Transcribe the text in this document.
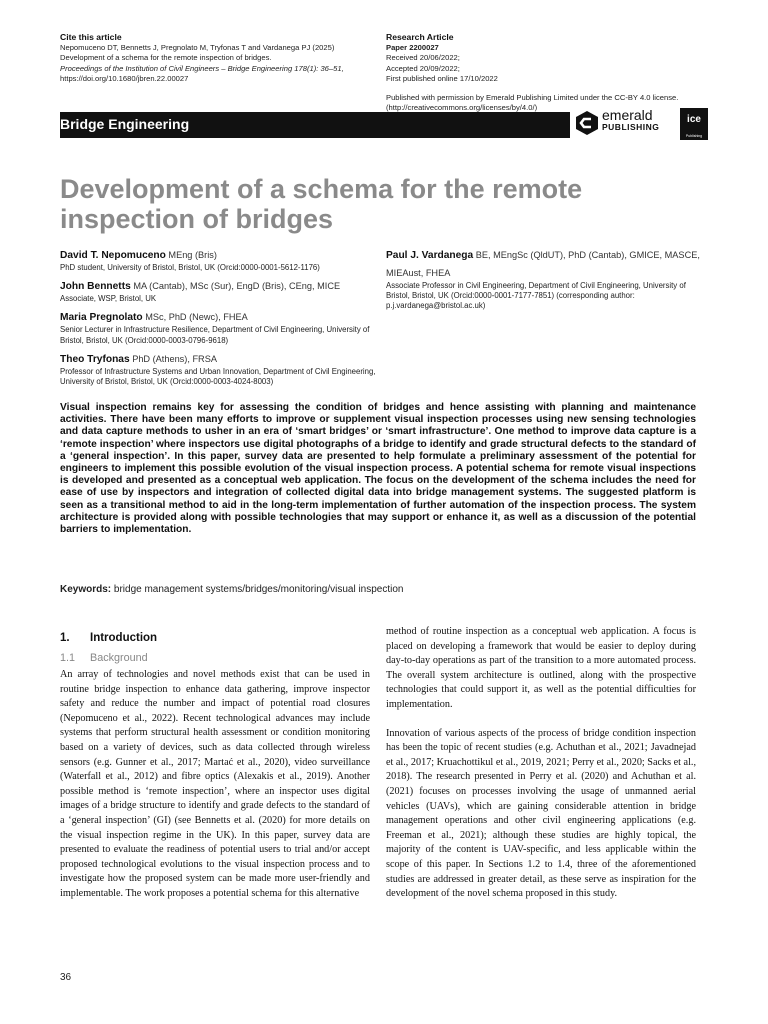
Cite this article
Nepomuceno DT, Bennetts J, Pregnolato M, Tryfonas T and Vardanega PJ (2025)
Development of a schema for the remote inspection of bridges.
Proceedings of the Institution of Civil Engineers – Bridge Engineering 178(1): 36–51,
https://doi.org/10.1680/jbren.22.00027
Research Article
Paper 2200027
Received 20/06/2022;
Accepted 20/09/2022;
First published online 17/10/2022
Published with permission by Emerald Publishing Limited under the CC-BY 4.0 license.
(http://creativecommons.org/licenses/by/4.0/)
Bridge Engineering
emerald
PUBLISHING
ice
Publishing
Development of a schema for the remote inspection of bridges
David T. Nepomuceno MEng (Bris)
PhD student, University of Bristol, Bristol, UK (Orcid:0000-0001-5612-1176)
John Bennetts MA (Cantab), MSc (Sur), EngD (Bris), CEng, MICE
Associate, WSP, Bristol, UK
Maria Pregnolato MSc, PhD (Newc), FHEA
Senior Lecturer in Infrastructure Resilience, Department of Civil Engineering, University of Bristol, Bristol, UK (Orcid:0000-0003-0796-9618)
Theo Tryfonas PhD (Athens), FRSA
Professor of Infrastructure Systems and Urban Innovation, Department of Civil Engineering, University of Bristol, Bristol, UK (Orcid:0000-0003-4024-8003)
Paul J. Vardanega BE, MEngSc (QldUT), PhD (Cantab), GMICE, MASCE, MIEAust, FHEA
Associate Professor in Civil Engineering, Department of Civil Engineering, University of Bristol, Bristol, UK (Orcid:0000-0001-7177-7851) (corresponding author: p.j.vardanega@bristol.ac.uk)

Visual inspection remains key for assessing the condition of bridges and hence assisting with planning and maintenance activities. There have been many efforts to improve or supplement visual inspection processes using new sensing technologies and data capture methods to usher in an era of ‘smart bridges’ or ‘smart infrastructure’. One method to improve data capture is a ‘remote inspection’ where inspectors use digital photographs of a bridge to identify and grade structural defects to the standard of a ‘general inspection’. In this paper, survey data are presented to help formulate a preliminary assessment of the potential for engineers to implement this possible evolution of the visual inspection process. A potential schema for remote visual inspections is developed and presented as a conceptual web application. The focus on the development of the schema includes the need for ease of use by inspectors and integration of collected digital data into bridge management systems. The suggested platform is seen as a transitional method to aid in the long-term implementation of further automation of the inspection process. The system architecture is provided along with possible technologies that may support or enhance it, as well as a discussion of the potential barriers to implementation.

Keywords: bridge management systems/bridges/monitoring/visual inspection
1. Introduction
1.1 Background

An array of technologies and novel methods exist that can be used in routine bridge inspection to enhance data gathering, improve inspector safety and reduce the number and impact of potential road closures (Nepomuceno et al., 2022). Recent technological advances may include systems that perform structural health assessment or condition monitoring based on a variety of devices, such as data collected through wireless sensors (e.g. Gunner et al., 2017; Martać et al., 2020), video surveillance (Waterfall et al., 2012) and fibre optics (Alexakis et al., 2019). Another possible method is ‘remote inspection’, where an inspector uses digital images of a bridge structure to identify and grade defects to the standard of a ‘general inspection’ (GI) (see Bennetts et al. (2020) for more details on the visual inspection regime in the UK). In this paper, survey data are presented to evaluate the readiness of potential users to trial and/or accept proposed technological evolutions to the visual inspection process and to investigate how the proposed system can be made more user-friendly and implementable. The work proposes a potential schema for this alternative

method of routine inspection as a conceptual web application. A focus is placed on developing a framework that would be easier to deploy during day-to-day operations as part of the transition to a more automated process. The overall system architecture is outlined, along with the prospective technologies that could support it, as well as the potential difficulties for implementation.

Innovation of various aspects of the process of bridge condition inspection has been the topic of recent studies (e.g. Achuthan et al., 2021; Javadnejad et al., 2017; Kruachottikul et al., 2019, 2021; Perry et al., 2020; Sacks et al., 2018). The research presented in Perry et al. (2020) and Achuthan et al. (2021) focuses on processes involving the usage of unmanned aerial vehicles (UAVs), which are gaining considerable attention in bridge management operations and other civil engineering applications (e.g. Freeman et al., 2021); although these studies are highly topical, the majority of the content is UAV-specific, and less applicable within the scope of this paper. In Sections 1.2 to 1.4, three of the aforementioned studies are addressed in greater detail, as these serve as inspiration for the development of the novel schema proposed in this study.

36
